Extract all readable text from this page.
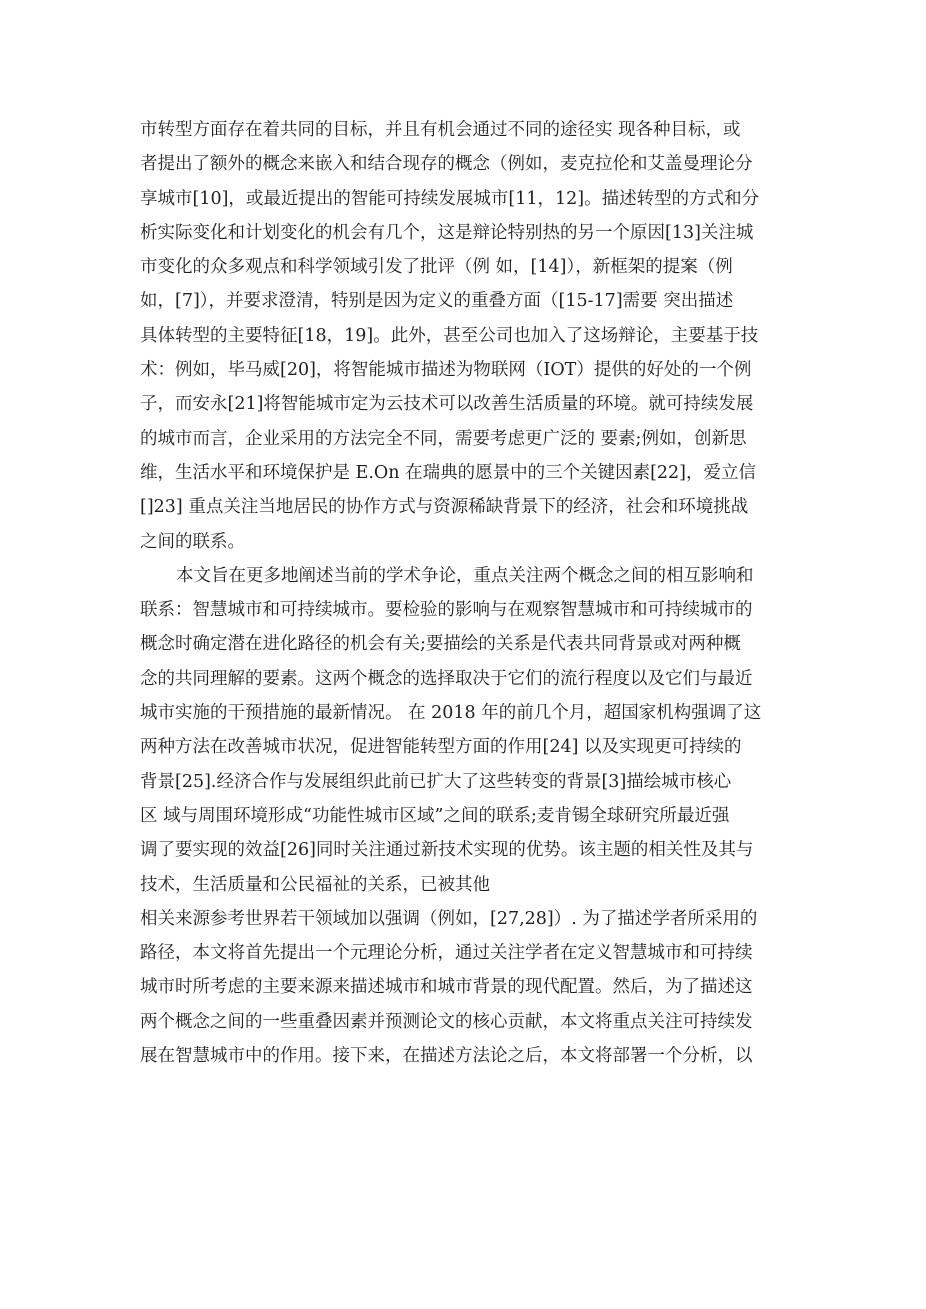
市转型方面存在着共同的目标，并且有机会通过不同的途径实 现各种目标，或
者提出了额外的概念来嵌入和结合现存的概念（例如，麦克拉伦和艾盖曼理论分
享城市[10]，或最近提出的智能可持续发展城市[11，12]。描述转型的方式和分
析实际变化和计划变化的机会有几个，这是辩论特别热的另一个原因[13]关注城
市变化的众多观点和科学领域引发了批评（例 如，[14]），新框架的提案（例
如，[7]），并要求澄清，特别是因为定义的重叠方面（[15-17]需要 突出描述
具体转型的主要特征[18，19]。此外，甚至公司也加入了这场辩论，主要基于技
术：例如，毕马威[20]，将智能城市描述为物联网（IOT）提供的好处的一个例
子，而安永[21]将智能城市定为云技术可以改善生活质量的环境。就可持续发展
的城市而言，企业采用的方法完全不同，需要考虑更广泛的 要素;例如，创新思
维，生活水平和环境保护是 E.On 在瑞典的愿景中的三个关键因素[22]，爱立信
[]23] 重点关注当地居民的协作方式与资源稀缺背景下的经济，社会和环境挑战
之间的联系。
本文旨在更多地阐述当前的学术争论，重点关注两个概念之间的相互影响和
联系：智慧城市和可持续城市。要检验的影响与在观察智慧城市和可持续城市的
概念时确定潜在进化路径的机会有关;要描绘的关系是代表共同背景或对两种概
念的共同理解的要素。这两个概念的选择取决于它们的流行程度以及它们与最近
城市实施的干预措施的最新情况。 在 2018 年的前几个月，超国家机构强调了这
两种方法在改善城市状况，促进智能转型方面的作用[24] 以及实现更可持续的
背景[25].经济合作与发展组织此前已扩大了这些转变的背景[3]描绘城市核心
区 域与周围环境形成“功能性城市区域”之间的联系;麦肯锡全球研究所最近强
调了要实现的效益[26]同时关注通过新技术实现的优势。该主题的相关性及其与
技术，生活质量和公民福祉的关系，已被其他
相关来源参考世界若干领域加以强调（例如，[27,28]）. 为了描述学者所采用的
路径，本文将首先提出一个元理论分析，通过关注学者在定义智慧城市和可持续
城市时所考虑的主要来源来描述城市和城市背景的现代配置。然后，为了描述这
两个概念之间的一些重叠因素并预测论文的核心贡献，本文将重点关注可持续发
展在智慧城市中的作用。接下来，在描述方法论之后，本文将部署一个分析，以
